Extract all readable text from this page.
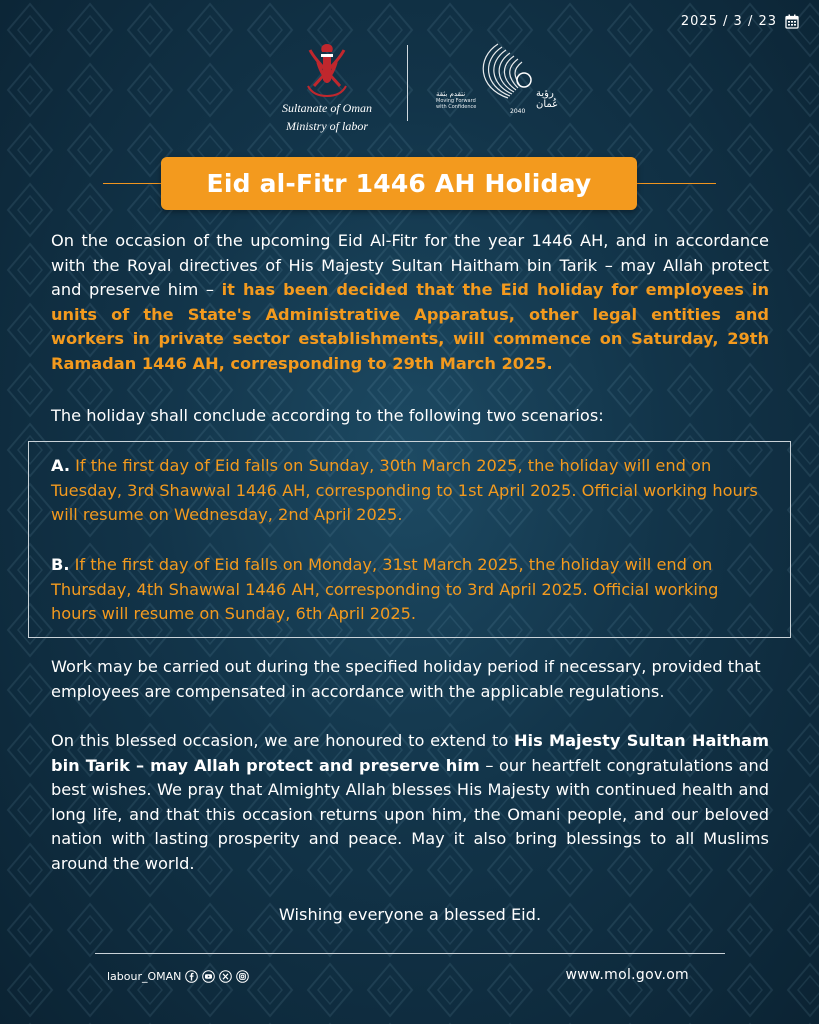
2025 / 3 / 23
Sultanate of Oman
Ministry of labor
نتقدم بثقة
Moving Forward with Confidence
رؤية عُمان
2040
Eid al-Fitr 1446 AH Holiday
On the occasion of the upcoming Eid Al-Fitr for the year 1446 AH, and in accordance with the Royal directives of His Majesty Sultan Haitham bin Tarik – may Allah protect and preserve him – it has been decided that the Eid holiday for employees in units of the State's Administrative Apparatus, other legal entities and workers in private sector establishments, will commence on Saturday, 29th Ramadan 1446 AH, corresponding to 29th March 2025.
The holiday shall conclude according to the following two scenarios:
A. If the first day of Eid falls on Sunday, 30th March 2025, the holiday will end on Tuesday, 3rd Shawwal 1446 AH, corresponding to 1st April 2025. Official working hours will resume on Wednesday, 2nd April 2025.
B. If the first day of Eid falls on Monday, 31st March 2025, the holiday will end on Thursday, 4th Shawwal 1446 AH, corresponding to 3rd April 2025. Official working hours will resume on Sunday, 6th April 2025.
Work may be carried out during the specified holiday period if necessary, provided that employees are compensated in accordance with the applicable regulations.
On this blessed occasion, we are honoured to extend to His Majesty Sultan Haitham bin Tarik – may Allah protect and preserve him – our heartfelt congratulations and best wishes. We pray that Almighty Allah blesses His Majesty with continued health and long life, and that this occasion returns upon him, the Omani people, and our beloved nation with lasting prosperity and peace. May it also bring blessings to all Muslims around the world.
Wishing everyone a blessed Eid.
labour_OMAN	www.mol.gov.om
